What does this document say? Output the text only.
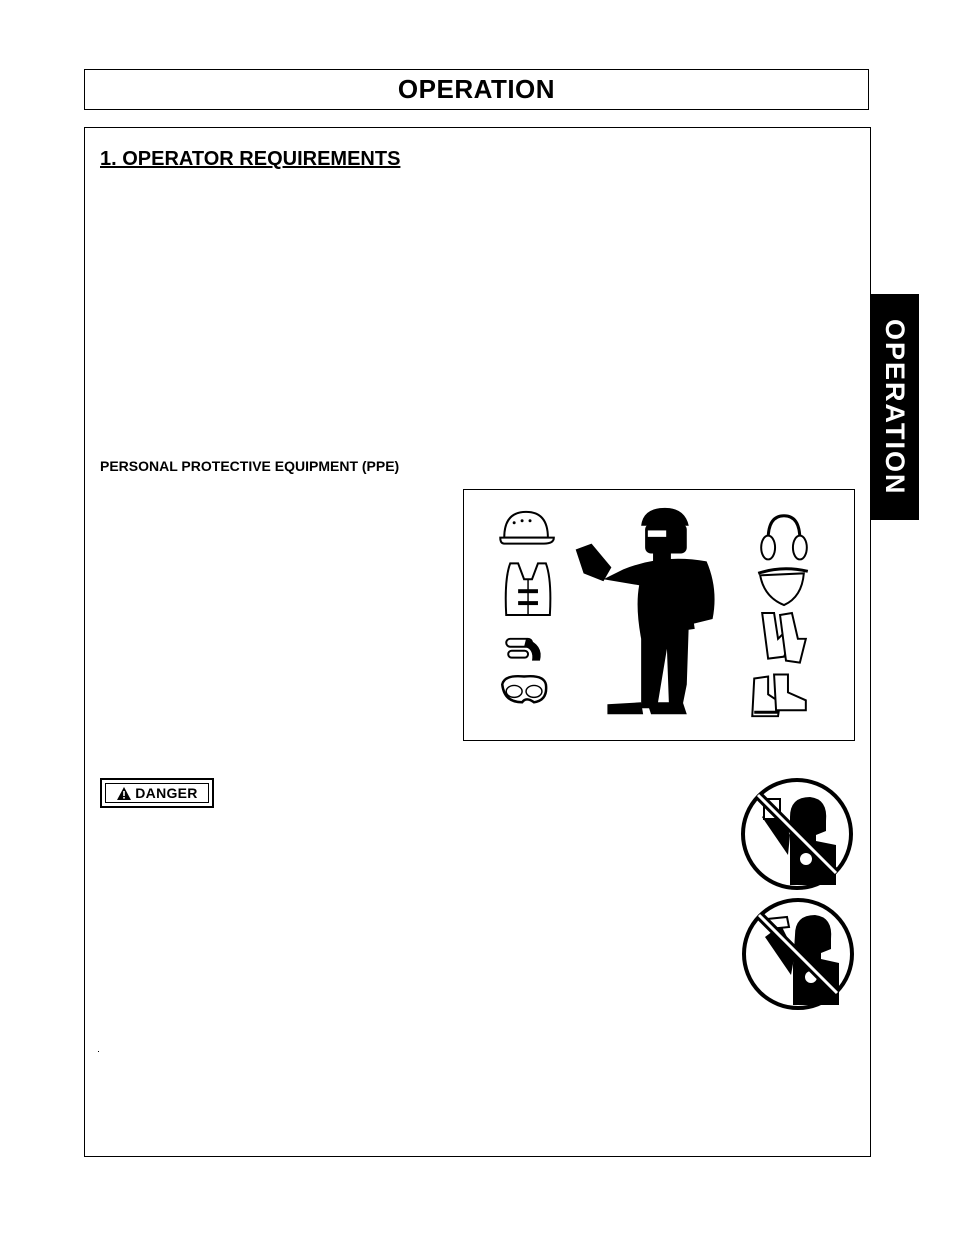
OPERATION
OPERATION
1. OPERATOR REQUIREMENTS
PERSONAL PROTECTIVE EQUIPMENT (PPE)
DANGER
